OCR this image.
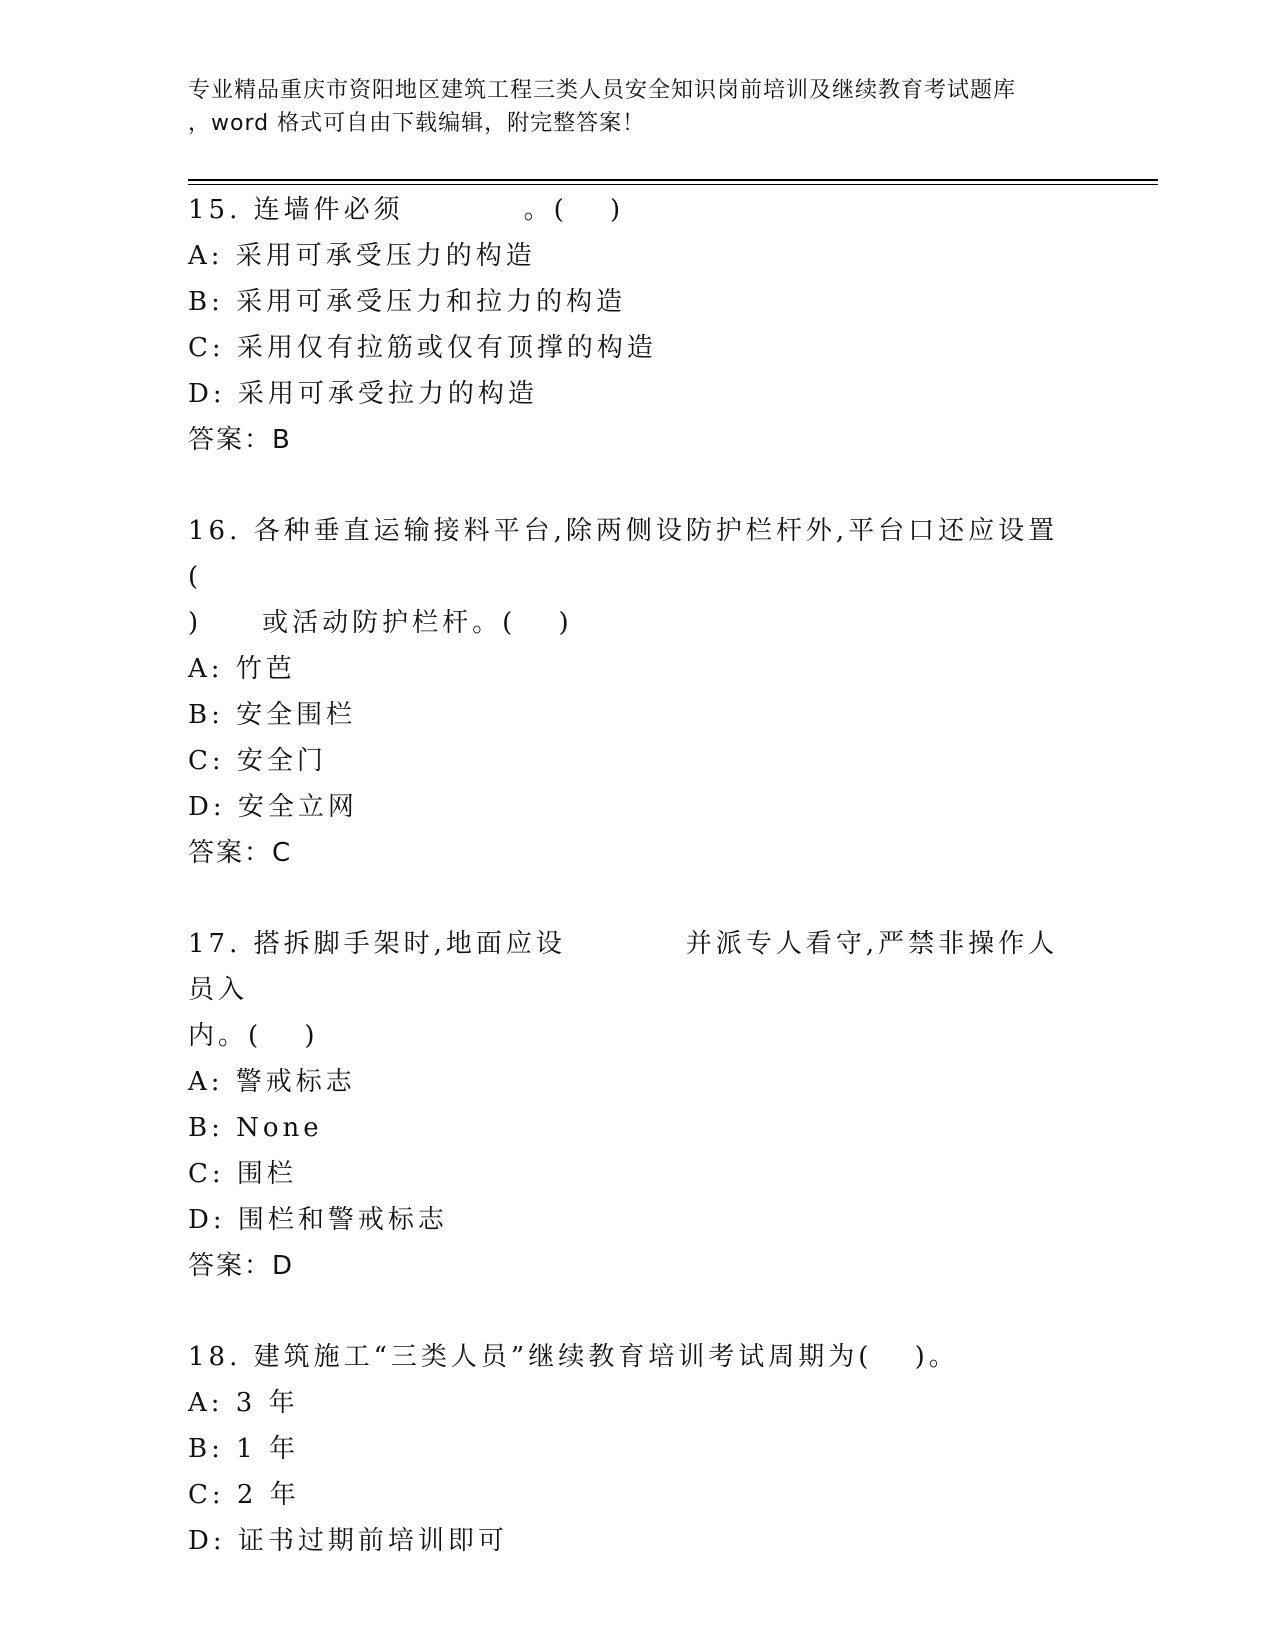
专业精品重庆市资阳地区建筑工程三类人员安全知识岗前培训及继续教育考试题库
，word 格式可自由下载编辑，附完整答案！
15. 连墙件必须　　　　。(　 )
A: 采用可承受压力的构造
B: 采用可承受压力和拉力的构造
C: 采用仅有拉筋或仅有顶撑的构造
D: 采用可承受拉力的构造
答案：B
16. 各种垂直运输接料平台,除两侧设防护栏杆外,平台口还应设置　(
)　　或活动防护栏杆。(　 )
A: 竹芭
B: 安全围栏
C: 安全门
D: 安全立网
答案：C
17. 搭拆脚手架时,地面应设　　　　并派专人看守,严禁非操作人员入
内。(　 )
A: 警戒标志
B: None
C: 围栏
D: 围栏和警戒标志
答案：D
18. 建筑施工“三类人员”继续教育培训考试周期为(　 )。
A: 3 年
B: 1 年
C: 2 年
D: 证书过期前培训即可
